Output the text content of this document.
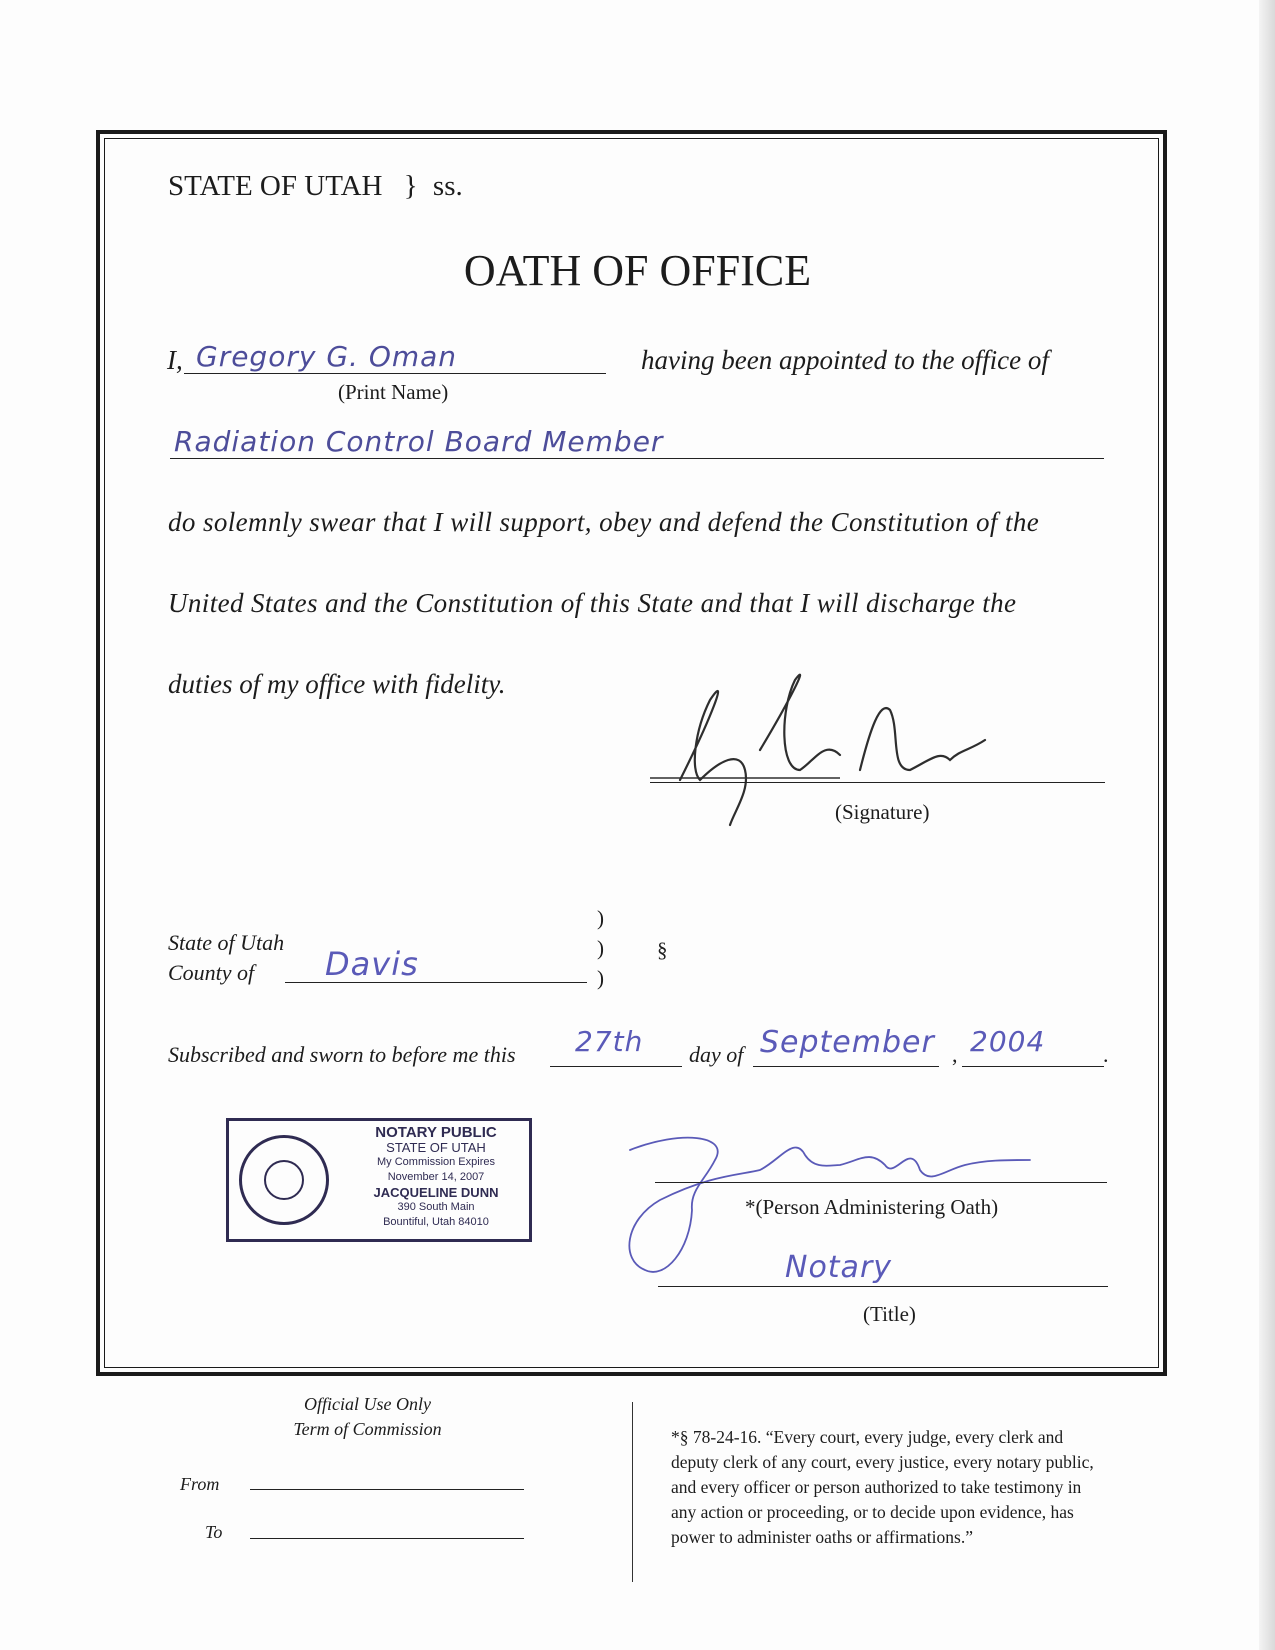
STATE OF UTAH } ss.
OATH OF OFFICE
I, Gregory G. Oman
(Print Name)
having been appointed to the office of
Radiation Control Board Member
do solemnly swear that I will support, obey and defend the Constitution of the
United States and the Constitution of this State and that I will discharge the
duties of my office with fidelity.
(Signature)
State of Utah
County of Davis
)
)
)
§
Subscribed and sworn to before me this 27th day of September , 2004	.
NOTARY PUBLIC
STATE OF UTAH
My Commission Expires
November 14, 2007
JACQUELINE DUNN
390 South Main
Bountiful, Utah 84010
*(Person Administering Oath)
Notary
(Title)
Official Use Only
Term of Commission
From
To
*§ 78-24-16. “Every court, every judge, every clerk and
deputy clerk of any court, every justice, every notary public,
and every officer or person authorized to take testimony in
any action or proceeding, or to decide upon evidence, has
power to administer oaths or affirmations.”
